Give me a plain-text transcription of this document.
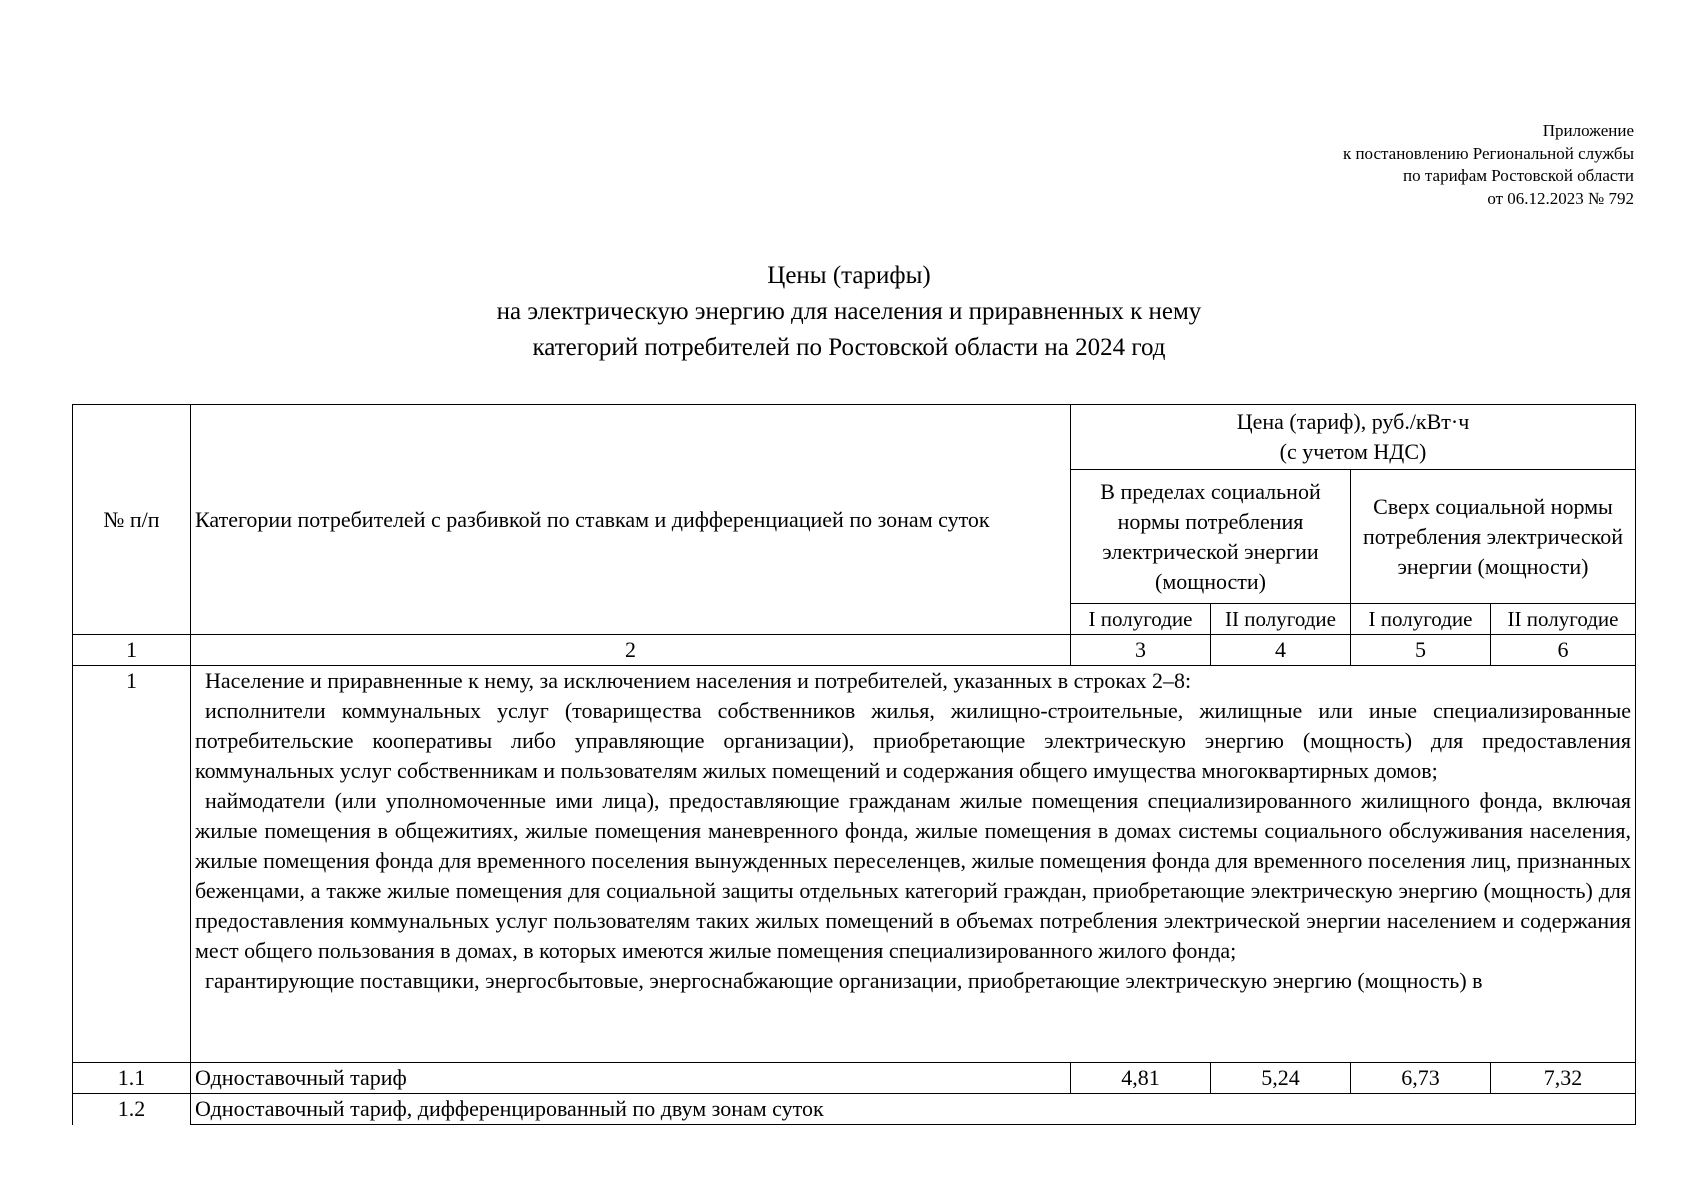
Приложение
к постановлению Региональной службы
по тарифам Ростовской области
от 06.12.2023 № 792
Цены (тарифы)
на электрическую энергию для населения и приравненных к нему
категорий потребителей по Ростовской области на 2024 год
№ п/п	Категории потребителей с разбивкой по ставкам и дифференциацией по зонам суток	Цена (тариф), руб./кВт·ч
(с учетом НДС)			

		В пределах социальной нормы потребления электрической энергии (мощности)		Сверх социальной нормы потребления электрической энергии (мощности)	
		I полугодие	II полугодие	I полугодие	II полугодие
1	2	3	4	5	6
1	Население и приравненные к нему, за исключением населения и потребителей, указанных в строках 2–8:
исполнители коммунальных услуг (товарищества собственников жилья, жилищно-строительные, жилищные или иные специализированные потребительские кооперативы либо управляющие организации), приобретающие электрическую энергию (мощность) для предоставления коммунальных услуг собственникам и пользователям жилых помещений и содержания общего имущества многоквартирных домов;
наймодатели (или уполномоченные ими лица), предоставляющие гражданам жилые помещения специализированного жилищного фонда, включая жилые помещения в общежитиях, жилые помещения маневренного фонда, жилые помещения в домах системы социального обслуживания населения, жилые помещения фонда для временного поселения вынужденных переселенцев, жилые помещения фонда для временного поселения лиц, признанных беженцами, а также жилые помещения для социальной защиты отдельных категорий граждан, приобретающие электрическую энергию (мощность) для предоставления коммунальных услуг пользователям таких жилых помещений в объемах потребления электрической энергии населением и содержания мест общего пользования в домах, в которых имеются жилые помещения специализированного жилого фонда;
гарантирующие поставщики, энергосбытовые, энергоснабжающие организации, приобретающие электрическую энергию (мощность) в				

1.1	Одноставочный тариф	4,81	5,24	6,73	7,32
1.2	Одноставочный тариф, дифференцированный по двум зонам суток				
